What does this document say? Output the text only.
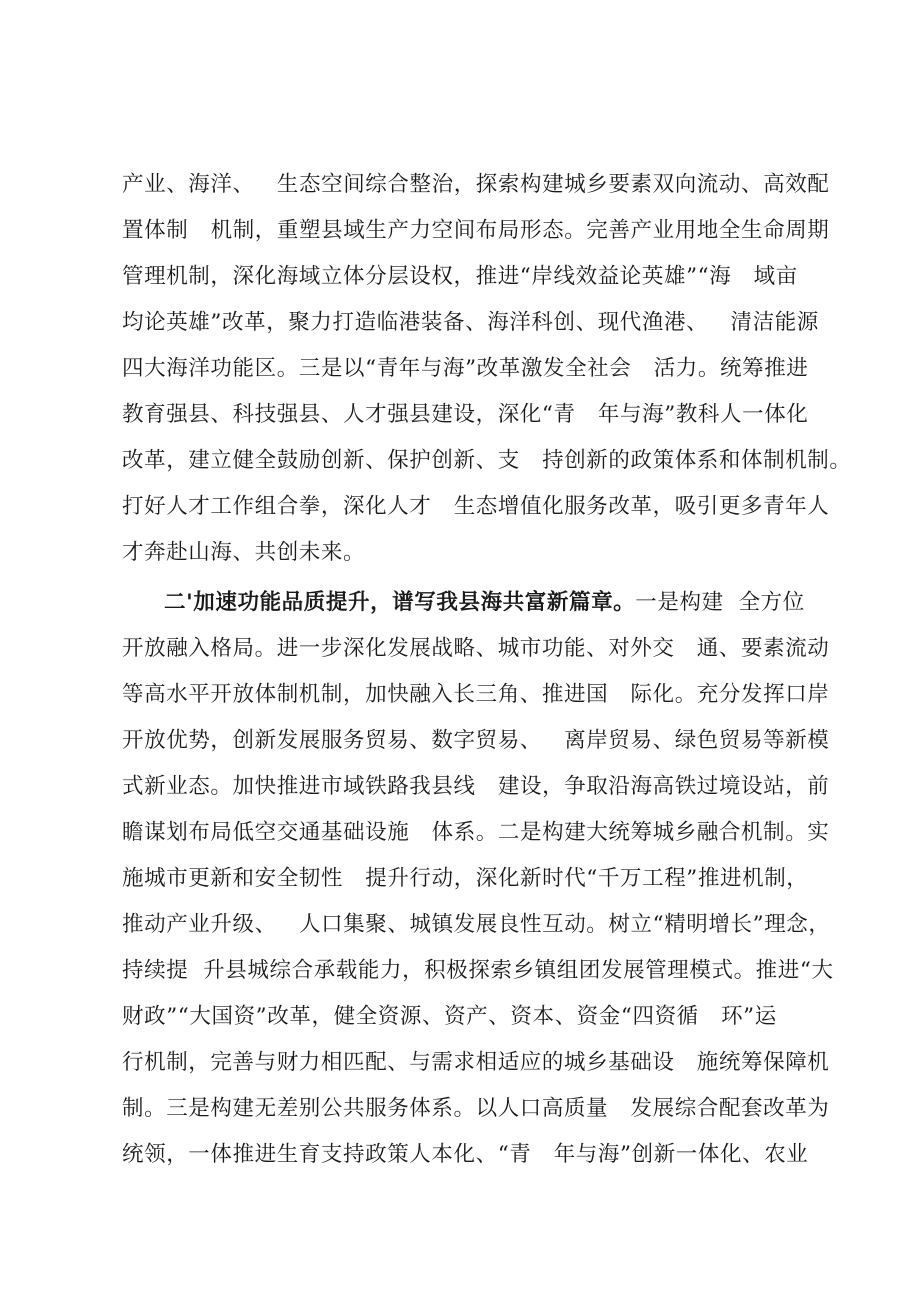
产业、海洋、   生态空间综合整治，探索构建城乡要素双向流动、高效配
置体制   机制，重塑县域生产力空间布局形态。完善产业用地全生命周期
管理机制，深化海域立体分层设权，推进“岸线效益论英雄”“海   域亩
均论英雄”改革，聚力打造临港装备、海洋科创、现代渔港、   清洁能源
四大海洋功能区。三是以“青年与海”改革激发全社会   活力。统筹推进
教育强县、科技强县、人才强县建设，深化“青   年与海”教科人一体化
改革，建立健全鼓励创新、保护创新、支   持创新的政策体系和体制机制。
打好人才工作组合拳，深化人才   生态增值化服务改革，吸引更多青年人
才奔赴山海、共创未来。
二'加速功能品质提升，谱写我县海共富新篇章。一是构建  全方位
开放融入格局。进一步深化发展战略、城市功能、对外交   通、要素流动
等高水平开放体制机制，加快融入长三角、推进国   际化。充分发挥口岸
开放优势，创新发展服务贸易、数字贸易、   离岸贸易、绿色贸易等新模
式新业态。加快推进市域铁路我县线   建设，争取沿海高铁过境设站，前
瞻谋划布局低空交通基础设施   体系。二是构建大统筹城乡融合机制。实
施城市更新和安全韧性   提升行动，深化新时代“千万工程”推进机制，
推动产业升级、   人口集聚、城镇发展良性互动。树立“精明增长”理念，
持续提  升县城综合承载能力，积极探索乡镇组团发展管理模式。推进“大
财政”“大国资”改革，健全资源、资产、资本、资金“四资循   环”运
行机制，完善与财力相匹配、与需求相适应的城乡基础设   施统筹保障机
制。三是构建无差别公共服务体系。以人口高质量   发展综合配套改革为
统领，一体推进生育支持政策人本化、“青   年与海”创新一体化、农业
